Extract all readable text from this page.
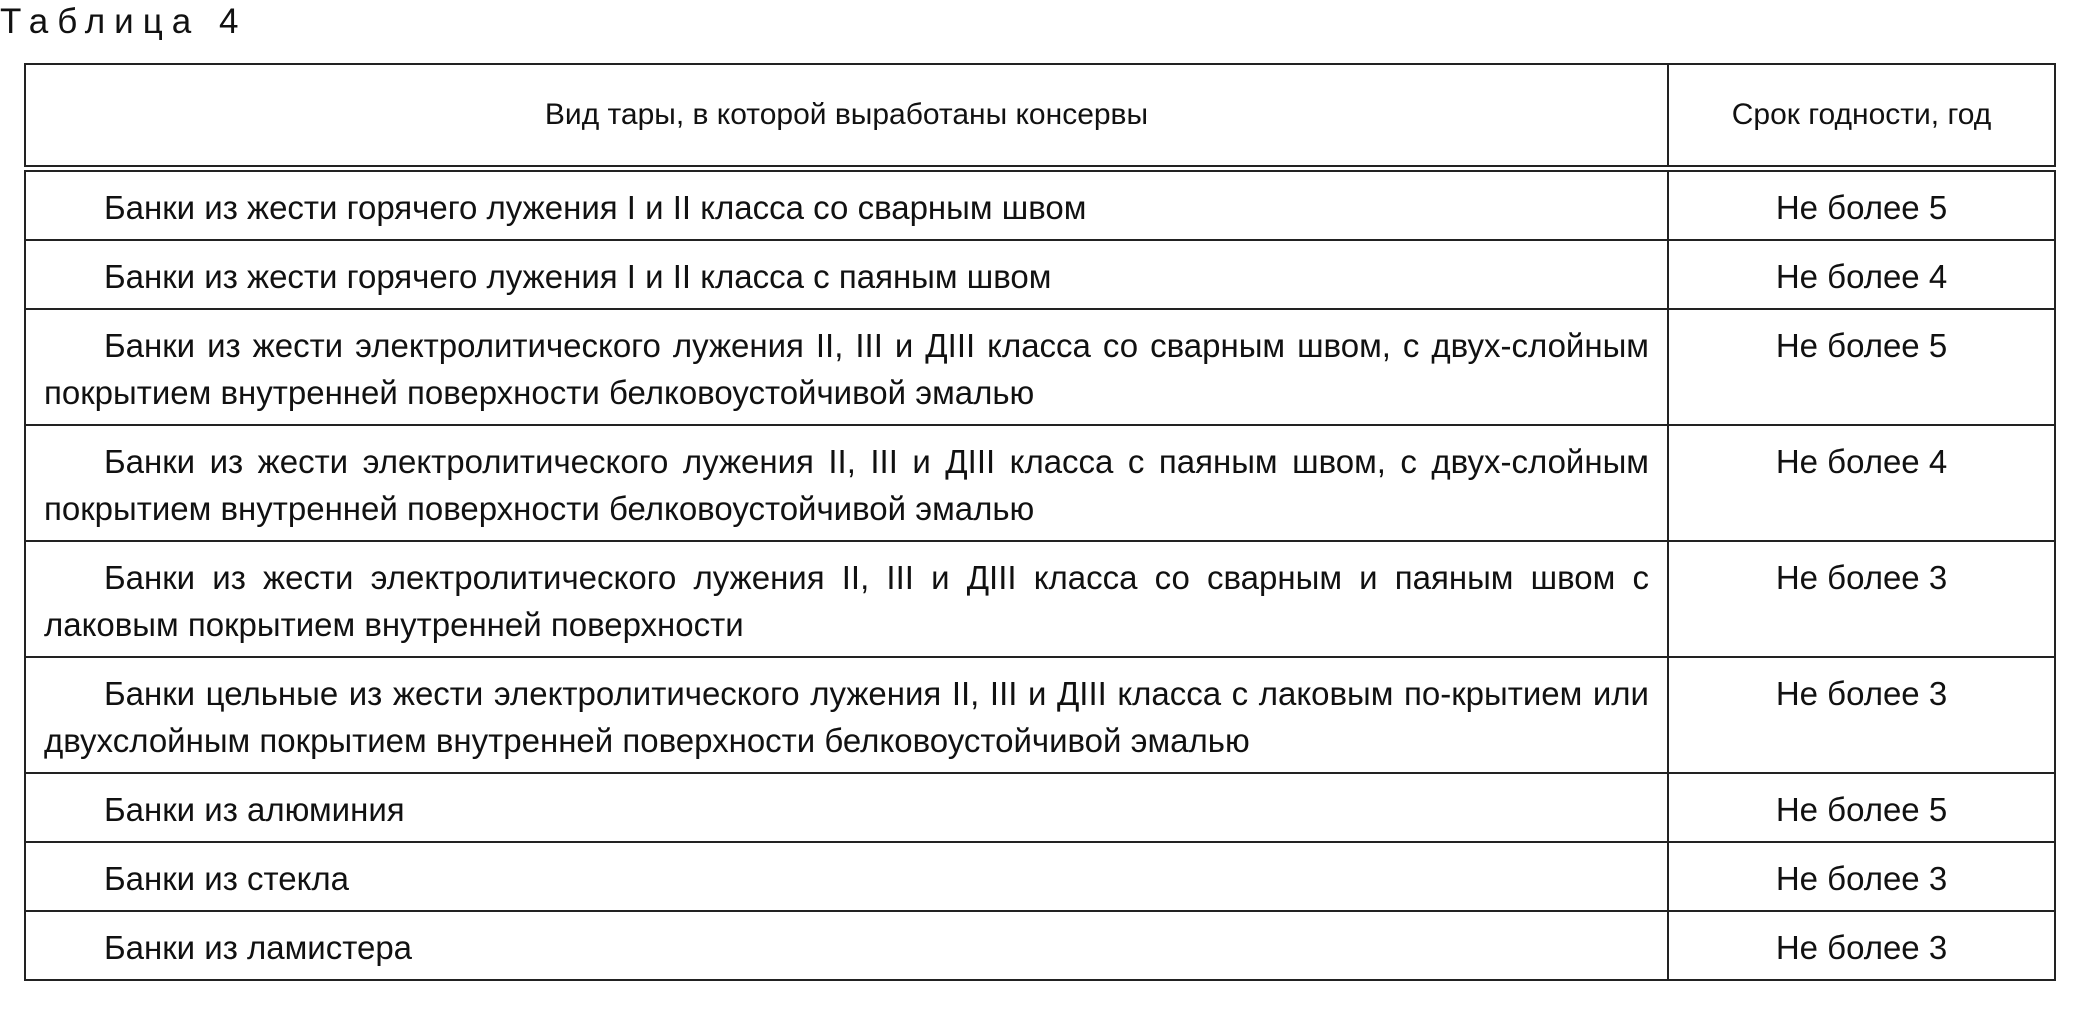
Таблица 4
Вид тары, в которой выработаны консервы	Срок годности, год
Банки из жести горячего лужения I и II класса со сварным швом	Не более 5
Банки из жести горячего лужения I и II класса с паяным швом	Не более 4
Банки из жести электролитического лужения II, III и ДIII класса со сварным швом, с двух-слойным покрытием внутренней поверхности белковоустойчивой эмалью	Не более 5
Банки из жести электролитического лужения II, III и ДIII класса с паяным швом, с двух-слойным покрытием внутренней поверхности белковоустойчивой эмалью	Не более 4
Банки из жести электролитического лужения II, III и ДIII класса со сварным и паяным швом с лаковым покрытием внутренней поверхности	Не более 3
Банки цельные из жести электролитического лужения II, III и ДIII класса с лаковым по-крытием или двухслойным покрытием внутренней поверхности белковоустойчивой эмалью	Не более 3
Банки из алюминия	Не более 5
Банки из стекла	Не более 3
Банки из ламистера	Не более 3
